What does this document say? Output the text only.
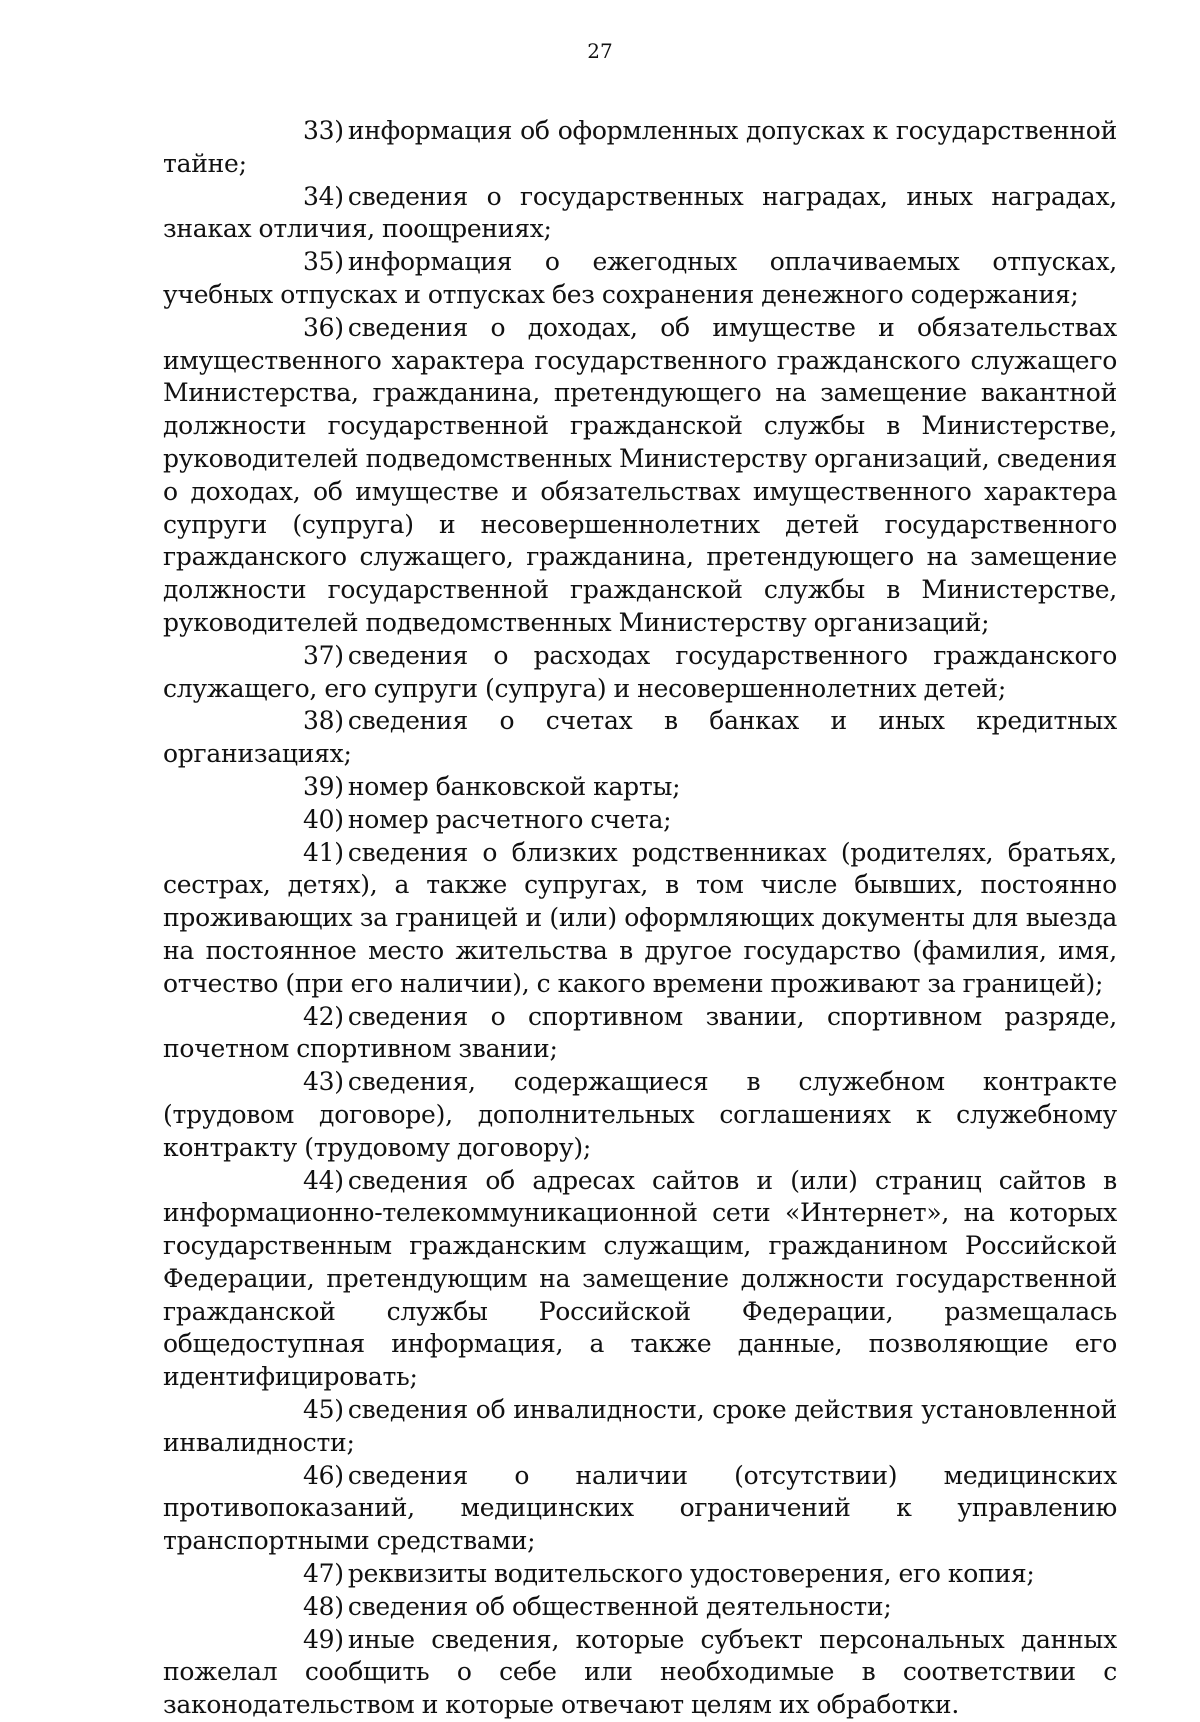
27

33) информация об оформленных допусках к государственной тайне;

34) сведения о государственных наградах, иных наградах, знаках отличия, поощрениях;

35) информация о ежегодных оплачиваемых отпусках, учебных отпусках и отпусках без сохранения денежного содержания;

36) сведения о доходах, об имуществе и обязательствах имущественного характера государственного гражданского служащего Министерства, гражданина, претендующего на замещение вакантной должности государственной гражданской службы в Министерстве, руководителей подведомственных Министерству организаций, сведения о доходах, об имуществе и обязательствах имущественного характера супруги (супруга) и несовершеннолетних детей государственного гражданского служащего, гражданина, претендующего на замещение должности государственной гражданской службы в Министерстве, руководителей подведомственных Министерству организаций;

37) сведения о расходах государственного гражданского служащего, его супруги (супруга) и несовершеннолетних детей;

38) сведения о счетах в банках и иных кредитных организациях;

39) номер банковской карты;

40) номер расчетного счета;

41) сведения о близких родственниках (родителях, братьях, сестрах, детях), а также супругах, в том числе бывших, постоянно проживающих за границей и (или) оформляющих документы для выезда на постоянное место жительства в другое государство (фамилия, имя, отчество (при его наличии), с какого времени проживают за границей);

42) сведения о спортивном звании, спортивном разряде, почетном спортивном звании;

43) сведения, содержащиеся в служебном контракте (трудовом договоре), дополнительных соглашениях к служебному контракту (трудовому договору);

44) сведения об адресах сайтов и (или) страниц сайтов в информационно-телекоммуникационной сети «Интернет», на которых государственным гражданским служащим, гражданином Российской Федерации, претендующим на замещение должности государственной гражданской службы Российской Федерации, размещалась общедоступная информация, а также данные, позволяющие его идентифицировать;

45) сведения об инвалидности, сроке действия установленной инвалидности;

46) сведения о наличии (отсутствии) медицинских противопоказаний, медицинских ограничений к управлению транспортными средствами;

47) реквизиты водительского удостоверения, его копия;

48) сведения об общественной деятельности;

49) иные сведения, которые субъект персональных данных пожелал сообщить о себе или необходимые в соответствии с законодательством и которые отвечают целям их обработки.
